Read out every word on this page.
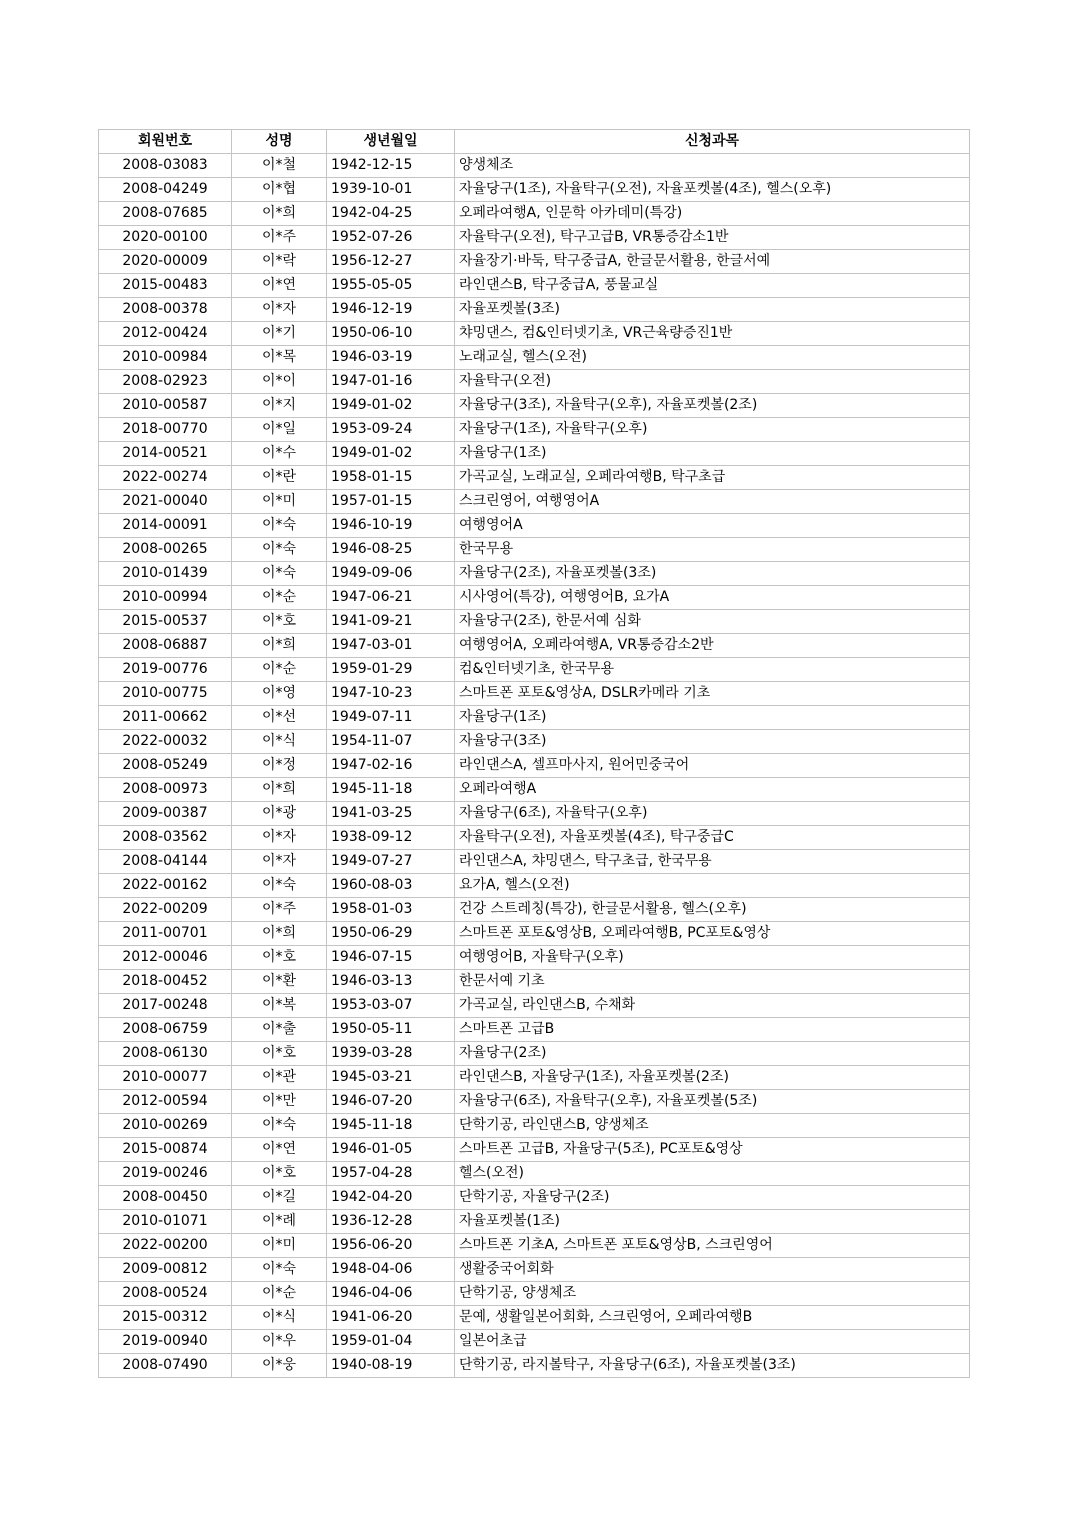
회원번호	성명	생년월일	신청과목
2008-03083	이*철	1942-12-15	양생체조
2008-04249	이*협	1939-10-01	자율당구(1조), 자율탁구(오전), 자율포켓볼(4조), 헬스(오후)
2008-07685	이*희	1942-04-25	오페라여행A, 인문학 아카데미(특강)
2020-00100	이*주	1952-07-26	자율탁구(오전), 탁구고급B, VR통증감소1반
2020-00009	이*락	1956-12-27	자율장기·바둑, 탁구중급A, 한글문서활용, 한글서예
2015-00483	이*연	1955-05-05	라인댄스B, 탁구중급A, 풍물교실
2008-00378	이*자	1946-12-19	자율포켓볼(3조)
2012-00424	이*기	1950-06-10	챠밍댄스, 컴&인터넷기초, VR근육량증진1반
2010-00984	이*목	1946-03-19	노래교실, 헬스(오전)
2008-02923	이*이	1947-01-16	자율탁구(오전)
2010-00587	이*지	1949-01-02	자율당구(3조), 자율탁구(오후), 자율포켓볼(2조)
2018-00770	이*일	1953-09-24	자율당구(1조), 자율탁구(오후)
2014-00521	이*수	1949-01-02	자율당구(1조)
2022-00274	이*란	1958-01-15	가곡교실, 노래교실, 오페라여행B, 탁구초급
2021-00040	이*미	1957-01-15	스크린영어, 여행영어A
2014-00091	이*숙	1946-10-19	여행영어A
2008-00265	이*숙	1946-08-25	한국무용
2010-01439	이*숙	1949-09-06	자율당구(2조), 자율포켓볼(3조)
2010-00994	이*순	1947-06-21	시사영어(특강), 여행영어B, 요가A
2015-00537	이*호	1941-09-21	자율당구(2조), 한문서예 심화
2008-06887	이*희	1947-03-01	여행영어A, 오페라여행A, VR통증감소2반
2019-00776	이*순	1959-01-29	컴&인터넷기초, 한국무용
2010-00775	이*영	1947-10-23	스마트폰 포토&영상A, DSLR카메라 기초
2011-00662	이*선	1949-07-11	자율당구(1조)
2022-00032	이*식	1954-11-07	자율당구(3조)
2008-05249	이*정	1947-02-16	라인댄스A, 셀프마사지, 원어민중국어
2008-00973	이*희	1945-11-18	오페라여행A
2009-00387	이*광	1941-03-25	자율당구(6조), 자율탁구(오후)
2008-03562	이*자	1938-09-12	자율탁구(오전), 자율포켓볼(4조), 탁구중급C
2008-04144	이*자	1949-07-27	라인댄스A, 챠밍댄스, 탁구초급, 한국무용
2022-00162	이*숙	1960-08-03	요가A, 헬스(오전)
2022-00209	이*주	1958-01-03	건강 스트레칭(특강), 한글문서활용, 헬스(오후)
2011-00701	이*희	1950-06-29	스마트폰 포토&영상B, 오페라여행B, PC포토&영상
2012-00046	이*호	1946-07-15	여행영어B, 자율탁구(오후)
2018-00452	이*환	1946-03-13	한문서예 기초
2017-00248	이*복	1953-03-07	가곡교실, 라인댄스B, 수채화
2008-06759	이*출	1950-05-11	스마트폰 고급B
2008-06130	이*호	1939-03-28	자율당구(2조)
2010-00077	이*관	1945-03-21	라인댄스B, 자율당구(1조), 자율포켓볼(2조)
2012-00594	이*만	1946-07-20	자율당구(6조), 자율탁구(오후), 자율포켓볼(5조)
2010-00269	이*숙	1945-11-18	단학기공, 라인댄스B, 양생체조
2015-00874	이*연	1946-01-05	스마트폰 고급B, 자율당구(5조), PC포토&영상
2019-00246	이*호	1957-04-28	헬스(오전)
2008-00450	이*길	1942-04-20	단학기공, 자율당구(2조)
2010-01071	이*례	1936-12-28	자율포켓볼(1조)
2022-00200	이*미	1956-06-20	스마트폰 기초A, 스마트폰 포토&영상B, 스크린영어
2009-00812	이*숙	1948-04-06	생활중국어회화
2008-00524	이*순	1946-04-06	단학기공, 양생체조
2015-00312	이*식	1941-06-20	문예, 생활일본어회화, 스크린영어, 오페라여행B
2019-00940	이*우	1959-01-04	일본어초급
2008-07490	이*웅	1940-08-19	단학기공, 라지볼탁구, 자율당구(6조), 자율포켓볼(3조)
